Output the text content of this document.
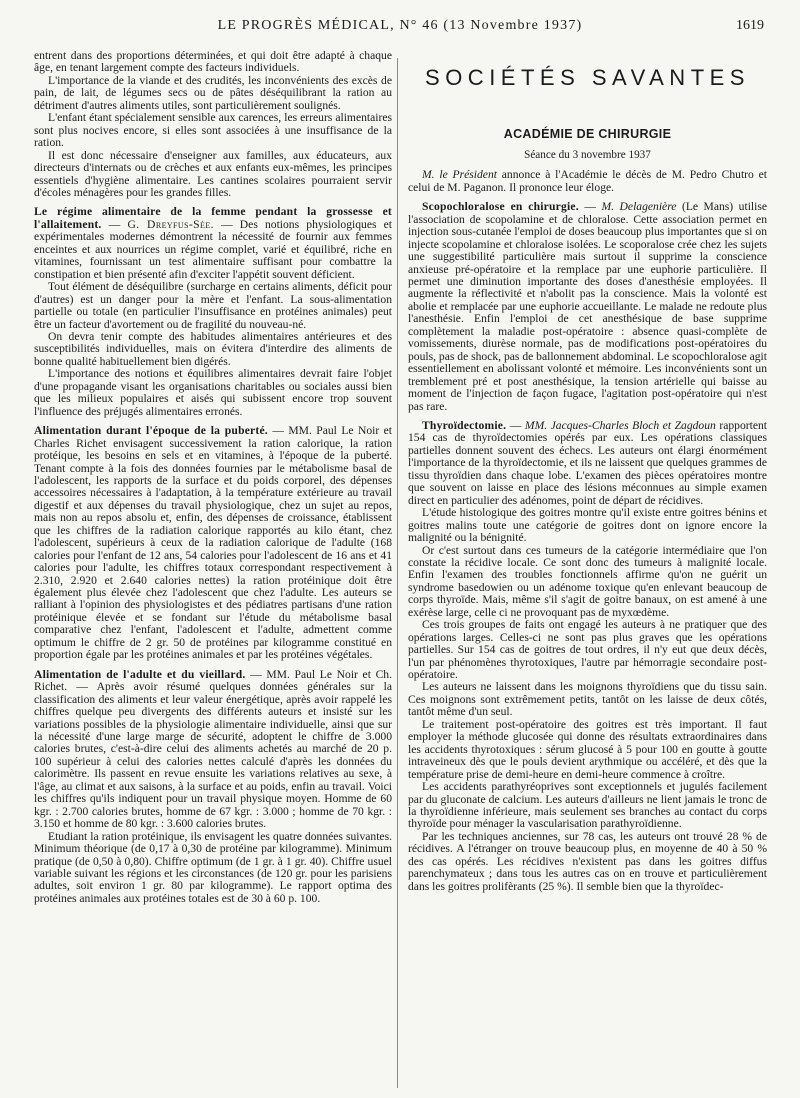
LE PROGRÈS MÉDICAL, N° 46 (13 Novembre 1937)	1619

entrent dans des proportions déterminées, et qui doit être adapté à chaque âge, en tenant largement compte des facteurs individuels.

L'importance de la viande et des crudités, les inconvénients des excès de pain, de lait, de légumes secs ou de pâtes déséquilibrant la ration au détriment d'autres aliments utiles, sont particulièrement soulignés.

L'enfant étant spécialement sensible aux carences, les erreurs alimentaires sont plus nocives encore, si elles sont associées à une insuffisance de la ration.

Il est donc nécessaire d'enseigner aux familles, aux éducateurs, aux directeurs d'internats ou de crèches et aux enfants eux-mêmes, les principes essentiels d'hygiène alimentaire. Les cantines scolaires pourraient servir d'écoles ménagères pour les grandes filles.

Le régime alimentaire de la femme pendant la grossesse et l'allaitement. — G. Dreyfus-Sée. — Des notions physiologiques et expérimentales modernes démontrent la nécessité de fournir aux femmes enceintes et aux nourrices un régime complet, varié et équilibré, riche en vitamines, fournissant un test alimentaire suffisant pour combattre la constipation et bien présenté afin d'exciter l'appétit souvent déficient.

Tout élément de déséquilibre (surcharge en certains aliments, déficit pour d'autres) est un danger pour la mère et l'enfant. La sous-alimentation partielle ou totale (en particulier l'insuffisance en protéines animales) peut être un facteur d'avortement ou de fragilité du nouveau-né.

On devra tenir compte des habitudes alimentaires antérieures et des susceptibilités individuelles, mais on évitera d'interdire des aliments de bonne qualité habituellement bien digérés.

L'importance des notions et équilibres alimentaires devrait faire l'objet d'une propagande visant les organisations charitables ou sociales aussi bien que les milieux populaires et aisés qui subissent encore trop souvent l'influence des préjugés alimentaires erronés.

Alimentation durant l'époque de la puberté. — MM. Paul Le Noir et Charles Richet envisagent successivement la ration calorique, la ration protéique, les besoins en sels et en vitamines, à l'époque de la puberté. Tenant compte à la fois des données fournies par le métabolisme basal de l'adolescent, les rapports de la surface et du poids corporel, des dépenses accessoires nécessaires à l'adaptation, à la température extérieure au travail digestif et aux dépenses du travail physiologique, chez un sujet au repos, mais non au repos absolu et, enfin, des dépenses de croissance, établissent que les chiffres de la radiation calorique rapportés au kilo étant, chez l'adolescent, supérieurs à ceux de la radiation calorique de l'adulte (168 calories pour l'enfant de 12 ans, 54 calories pour l'adolescent de 16 ans et 41 calories pour l'adulte, les chiffres totaux correspondant respectivement à 2.310, 2.920 et 2.640 calories nettes) la ration protéinique doit être également plus élevée chez l'adolescent que chez l'adulte. Les auteurs se ralliant à l'opinion des physiologistes et des pédiatres partisans d'une ration protéinique élevée et se fondant sur l'étude du métabolisme basal comparative chez l'enfant, l'adolescent et l'adulte, admettent comme optimum le chiffre de 2 gr. 50 de protéines par kilogramme constitué en proportion égale par les protéines animales et par les protéines végétales.

Alimentation de l'adulte et du vieillard. — MM. Paul Le Noir et Ch. Richet. — Après avoir résumé quelques données générales sur la classification des aliments et leur valeur énergétique, après avoir rappelé les chiffres quelque peu divergents des différents auteurs et insisté sur les variations possibles de la physiologie alimentaire individuelle, ainsi que sur la nécessité d'une large marge de sécurité, adoptent le chiffre de 3.000 calories brutes, c'est-à-dire celui des aliments achetés au marché de 20 p. 100 supérieur à celui des calories nettes calculé d'après les données du calorimètre. Ils passent en revue ensuite les variations relatives au sexe, à l'âge, au climat et aux saisons, à la surface et au poids, enfin au travail. Voici les chiffres qu'ils indiquent pour un travail physique moyen. Homme de 60 kgr. : 2.700 calories brutes, homme de 67 kgr. : 3.000 ; homme de 70 kgr. : 3.150 et homme de 80 kgr. : 3.600 calories brutes.

Etudiant la ration protéinique, ils envisagent les quatre données suivantes. Minimum théorique (de 0,17 à 0,30 de protéine par kilogramme). Minimum pratique (de 0,50 à 0,80). Chiffre optimum (de 1 gr. à 1 gr. 40). Chiffre usuel variable suivant les régions et les circonstances (de 120 gr. pour les parisiens adultes, soit environ 1 gr. 80 par kilogramme). Le rapport optima des protéines animales aux protéines totales est de 30 à 60 p. 100.

SOCIÉTÉS SAVANTES

ACADÉMIE DE CHIRURGIE

Séance du 3 novembre 1937

M. le Président annonce à l'Académie le décès de M. Pedro Chutro et celui de M. Paganon. Il prononce leur éloge.

Scopochloralose en chirurgie. — M. Delagenière (Le Mans) utilise l'association de scopolamine et de chloralose. Cette association permet en injection sous-cutanée l'emploi de doses beaucoup plus importantes que si on injecte scopolamine et chloralose isolées. Le scoporalose crée chez les sujets une suggestibilité particulière mais surtout il supprime la conscience anxieuse pré-opératoire et la remplace par une euphorie particulière. Il permet une diminution importante des doses d'anesthésie employées. Il augmente la réflectivité et n'abolit pas la conscience. Mais la volonté est abolie et remplacée par une euphorie accueillante. Le malade ne redoute plus l'anesthésie. Enfin l'emploi de cet anesthésique de base supprime complètement la maladie post-opératoire : absence quasi-complète de vomissements, diurèse normale, pas de modifications post-opératoires du pouls, pas de shock, pas de ballonnement abdominal. Le scopochloralose agit essentiellement en abolissant volonté et mémoire. Les inconvénients sont un tremblement pré et post anesthésique, la tension artérielle qui baisse au moment de l'injection de façon fugace, l'agitation post-opératoire qui n'est pas rare.

Thyroïdectomie. — MM. Jacques-Charles Bloch et Zagdoun rapportent 154 cas de thyroïdectomies opérés par eux. Les opérations classiques partielles donnent souvent des échecs. Les auteurs ont élargi énormément l'importance de la thyroïdectomie, et ils ne laissent que quelques grammes de tissu thyroïdien dans chaque lobe. L'examen des pièces opératoires montre que souvent on laisse en place des lésions méconnues au simple examen direct en particulier des adénomes, point de départ de récidives.

L'étude histologique des goitres montre qu'il existe entre goitres bénins et goitres malins toute une catégorie de goitres dont on ignore encore la malignité ou la bénignité.

Or c'est surtout dans ces tumeurs de la catégorie intermédiaire que l'on constate la récidive locale. Ce sont donc des tumeurs à malignité locale. Enfin l'examen des troubles fonctionnels affirme qu'on ne guérit un syndrome basedowien ou un adénome toxique qu'en enlevant beaucoup de corps thyroïde. Mais, même s'il s'agit de goitre banaux, on est amené à une exérèse large, celle ci ne provoquant pas de myxœdème.

Ces trois groupes de faits ont engagé les auteurs à ne pratiquer que des opérations larges. Celles-ci ne sont pas plus graves que les opérations partielles. Sur 154 cas de goitres de tout ordres, il n'y eut que deux décès, l'un par phénomènes thyrotoxiques, l'autre par hémorragie secondaire post-opératoire.

Les auteurs ne laissent dans les moignons thyroïdiens que du tissu sain. Ces moignons sont extrêmement petits, tantôt on les laisse de deux côtés, tantôt même d'un seul.

Le traitement post-opératoire des goitres est très important. Il faut employer la méthode glucosée qui donne des résultats extraordinaires dans les accidents thyrotoxiques : sérum glucosé à 5 pour 100 en goutte à goutte intraveineux dès que le pouls devient arythmique ou accéléré, et dès que la température prise de demi-heure en demi-heure commence à croître.

Les accidents parathyréoprives sont exceptionnels et jugulés facilement par du gluconate de calcium. Les auteurs d'ailleurs ne lient jamais le tronc de la thyroïdienne inférieure, mais seulement ses branches au contact du corps thyroïde pour ménager la vascularisation parathyroïdienne.

Par les techniques anciennes, sur 78 cas, les auteurs ont trouvé 28 % de récidives. A l'étranger on trouve beaucoup plus, en moyenne de 40 à 50 % des cas opérés. Les récidives n'existent pas dans les goitres diffus parenchymateux ; dans tous les autres cas on en trouve et particulièrement dans les goitres prolifèrants (25 %). Il semble bien que la thyroïdec-
